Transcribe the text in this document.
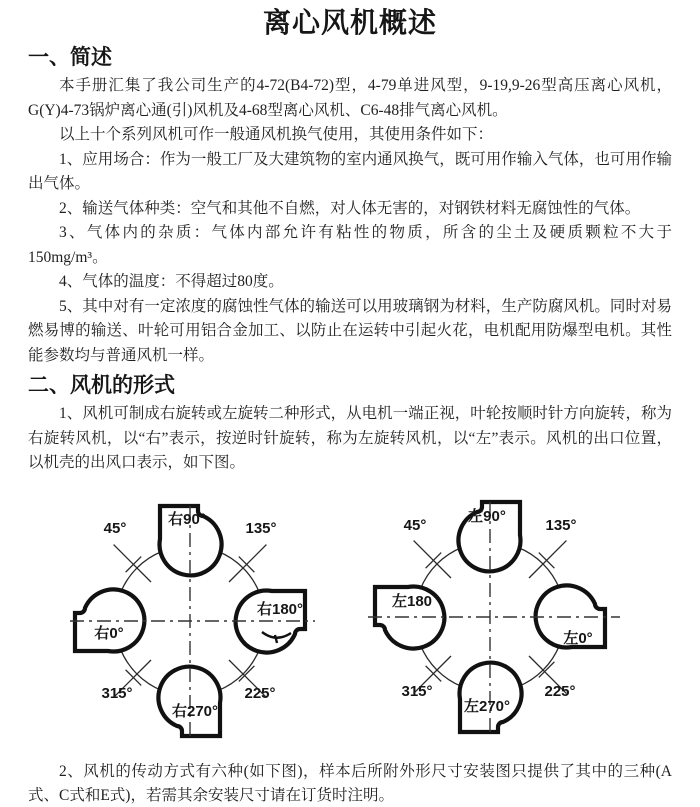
离心风机概述
一、简述

本手册汇集了我公司生产的4-72(B4-72)型，4-79单进风型，9-19,9-26型高压离心风机，G(Y)4-73锅炉离心通(引)风机及4-68型离心风机、C6-48排气离心风机。

以上十个系列风机可作一般通风机换气使用，其使用条件如下：

1、应用场合：作为一般工厂及大建筑物的室内通风换气，既可用作输入气体，也可用作输出气体。

2、输送气体种类：空气和其他不自燃，对人体无害的，对钢铁材料无腐蚀性的气体。

3、气体内的杂质：气体内部允许有粘性的物质，所含的尘土及硬质颗粒不大于150mg/m³。

4、气体的温度：不得超过80度。

5、其中对有一定浓度的腐蚀性气体的输送可以用玻璃钢为材料，生产防腐风机。同时对易燃易博的输送、叶轮可用铝合金加工、以防止在运转中引起火花，电机配用防爆型电机。其性能参数均与普通风机一样。

二、风机的形式

1、风机可制成右旋转或左旋转二种形式，从电机一端正视，叶轮按顺时针方向旋转，称为右旋转风机，以“右”表示，按逆时针旋转，称为左旋转风机，以“左”表示。风机的出口位置，以机壳的出风口表示，如下图。

右90°
右180°
右270°
右0°
45°	135°
315°	225°
左90°
左0°
左270°
左180
45°	135°
315°	225°

2、风机的传动方式有六种(如下图)，样本后所附外形尺寸安装图只提供了其中的三种(A式、C式和E式)，若需其余安装尺寸请在订货时注明。
